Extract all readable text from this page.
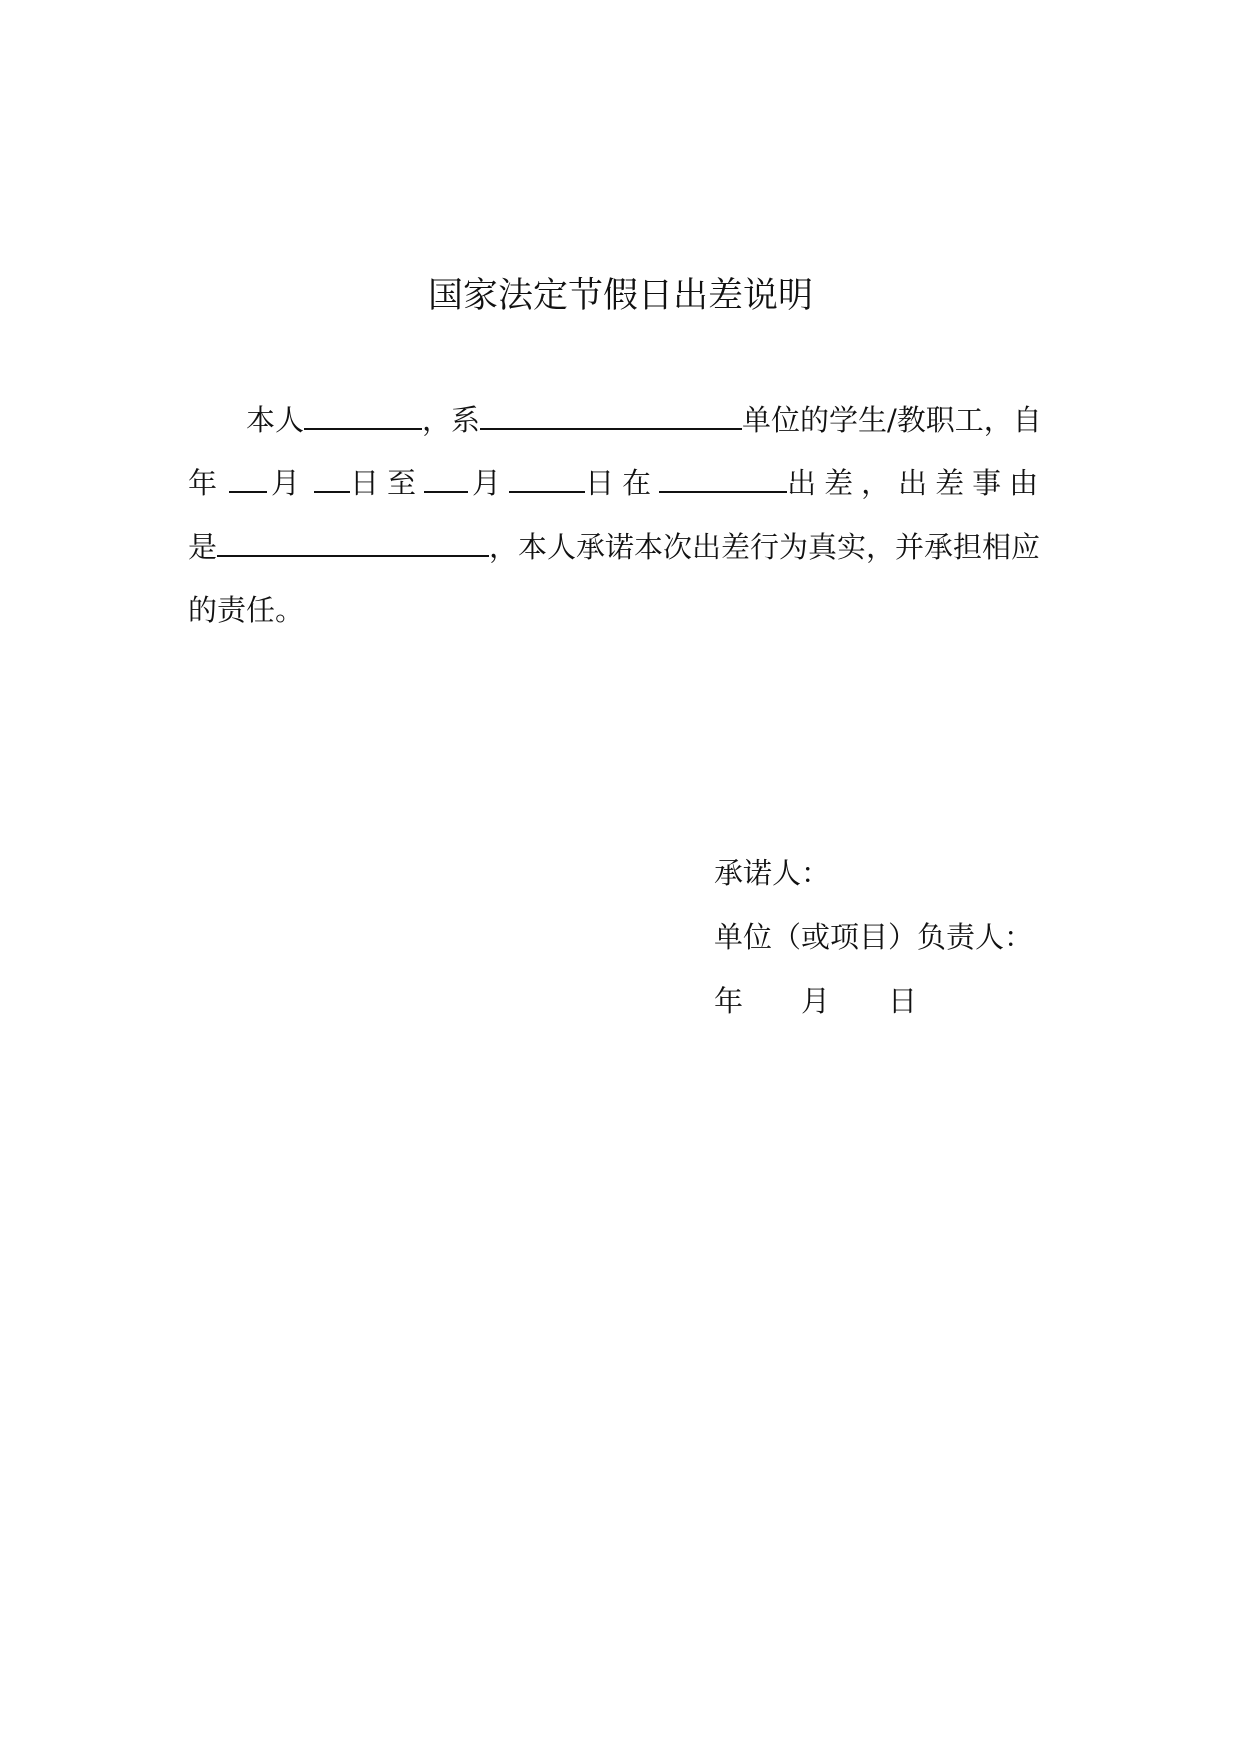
国家法定节假日出差说明
本人	，系	单位的学生/教职工，自
年 月 日至 月	日在	出差，出差事由
是	，本人承诺本次出差行为真实，并承担相应
的责任。
承诺人：
单位（或项目）负责人：
年 月 日
